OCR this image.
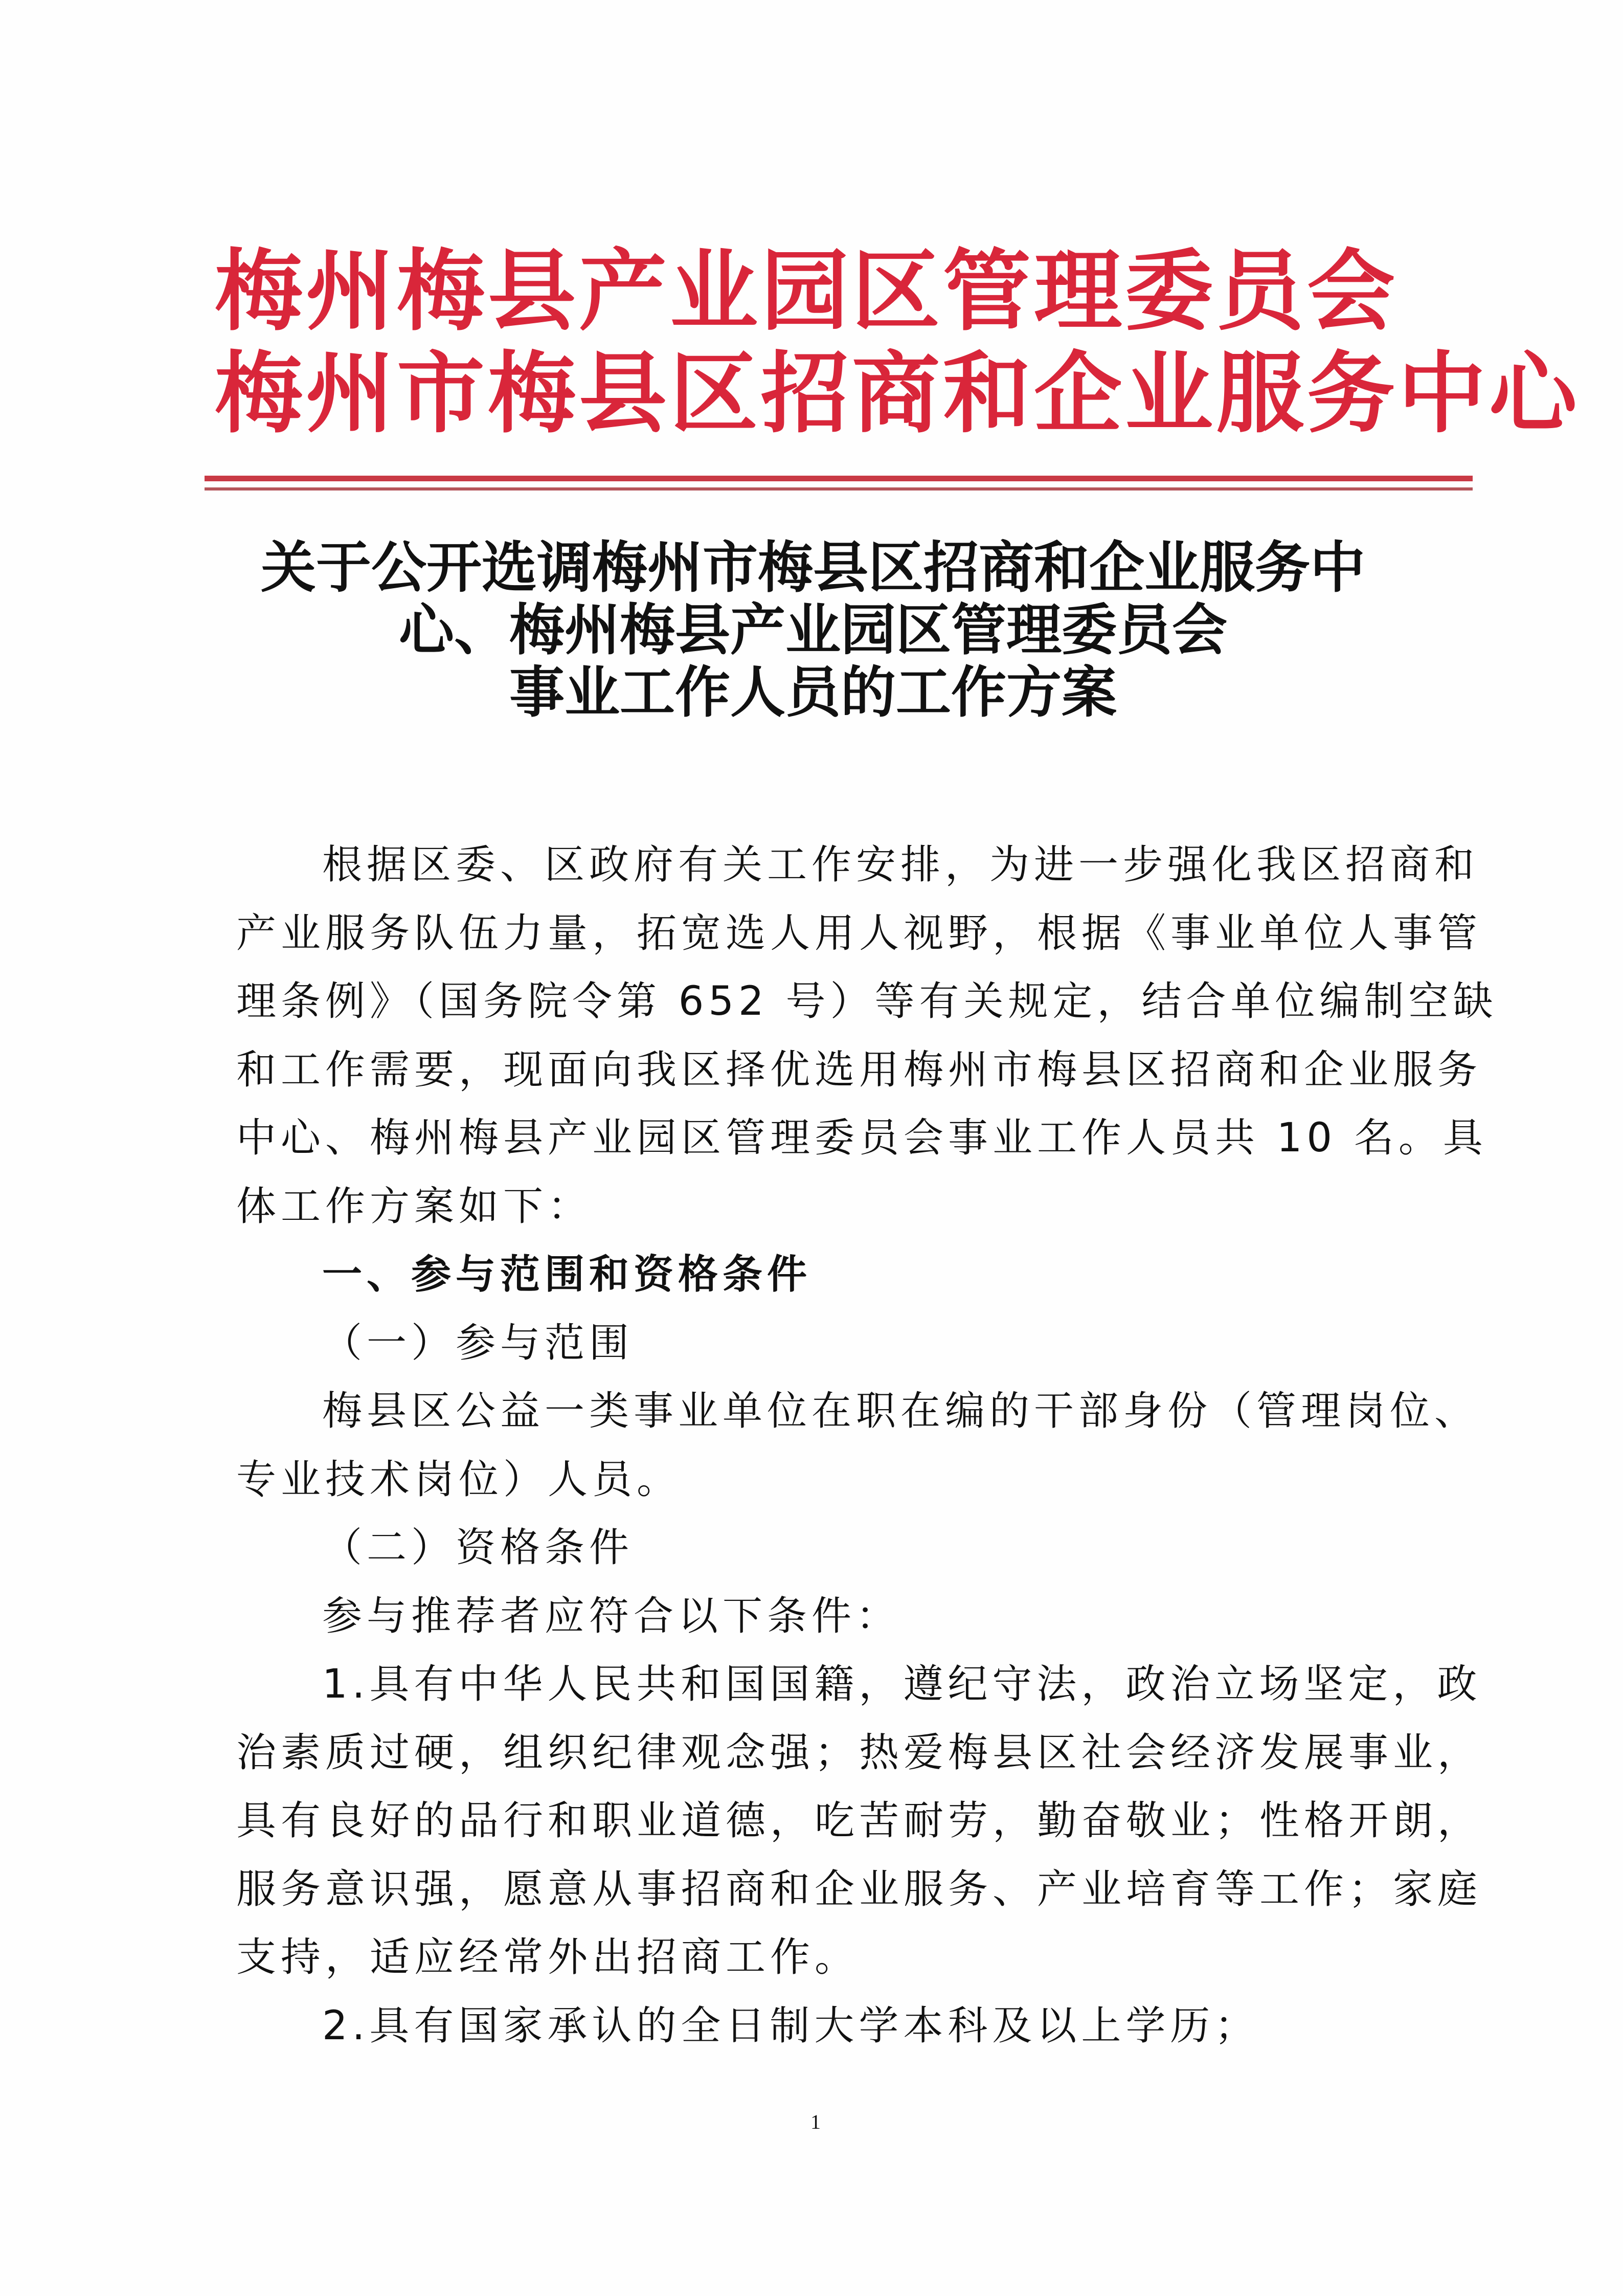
梅州梅县产业园区管理委员会
梅州市梅县区招商和企业服务中心
关于公开选调梅州市梅县区招商和企业服务中
心、梅州梅县产业园区管理委员会
事业工作人员的工作方案
根据区委、区政府有关工作安排，为进一步强化我区招商和
产业服务队伍力量，拓宽选人用人视野，根据《事业单位人事管
理条例》（国务院令第 652 号）等有关规定，结合单位编制空缺
和工作需要，现面向我区择优选用梅州市梅县区招商和企业服务
中心、梅州梅县产业园区管理委员会事业工作人员共 10 名。具
体工作方案如下：
一、参与范围和资格条件
（一）参与范围
梅县区公益一类事业单位在职在编的干部身份（管理岗位、
专业技术岗位）人员。
（二）资格条件
参与推荐者应符合以下条件：
1.具有中华人民共和国国籍，遵纪守法，政治立场坚定，政
治素质过硬，组织纪律观念强；热爱梅县区社会经济发展事业，
具有良好的品行和职业道德，吃苦耐劳，勤奋敬业；性格开朗，
服务意识强，愿意从事招商和企业服务、产业培育等工作；家庭
支持，适应经常外出招商工作。
2.具有国家承认的全日制大学本科及以上学历；
1
